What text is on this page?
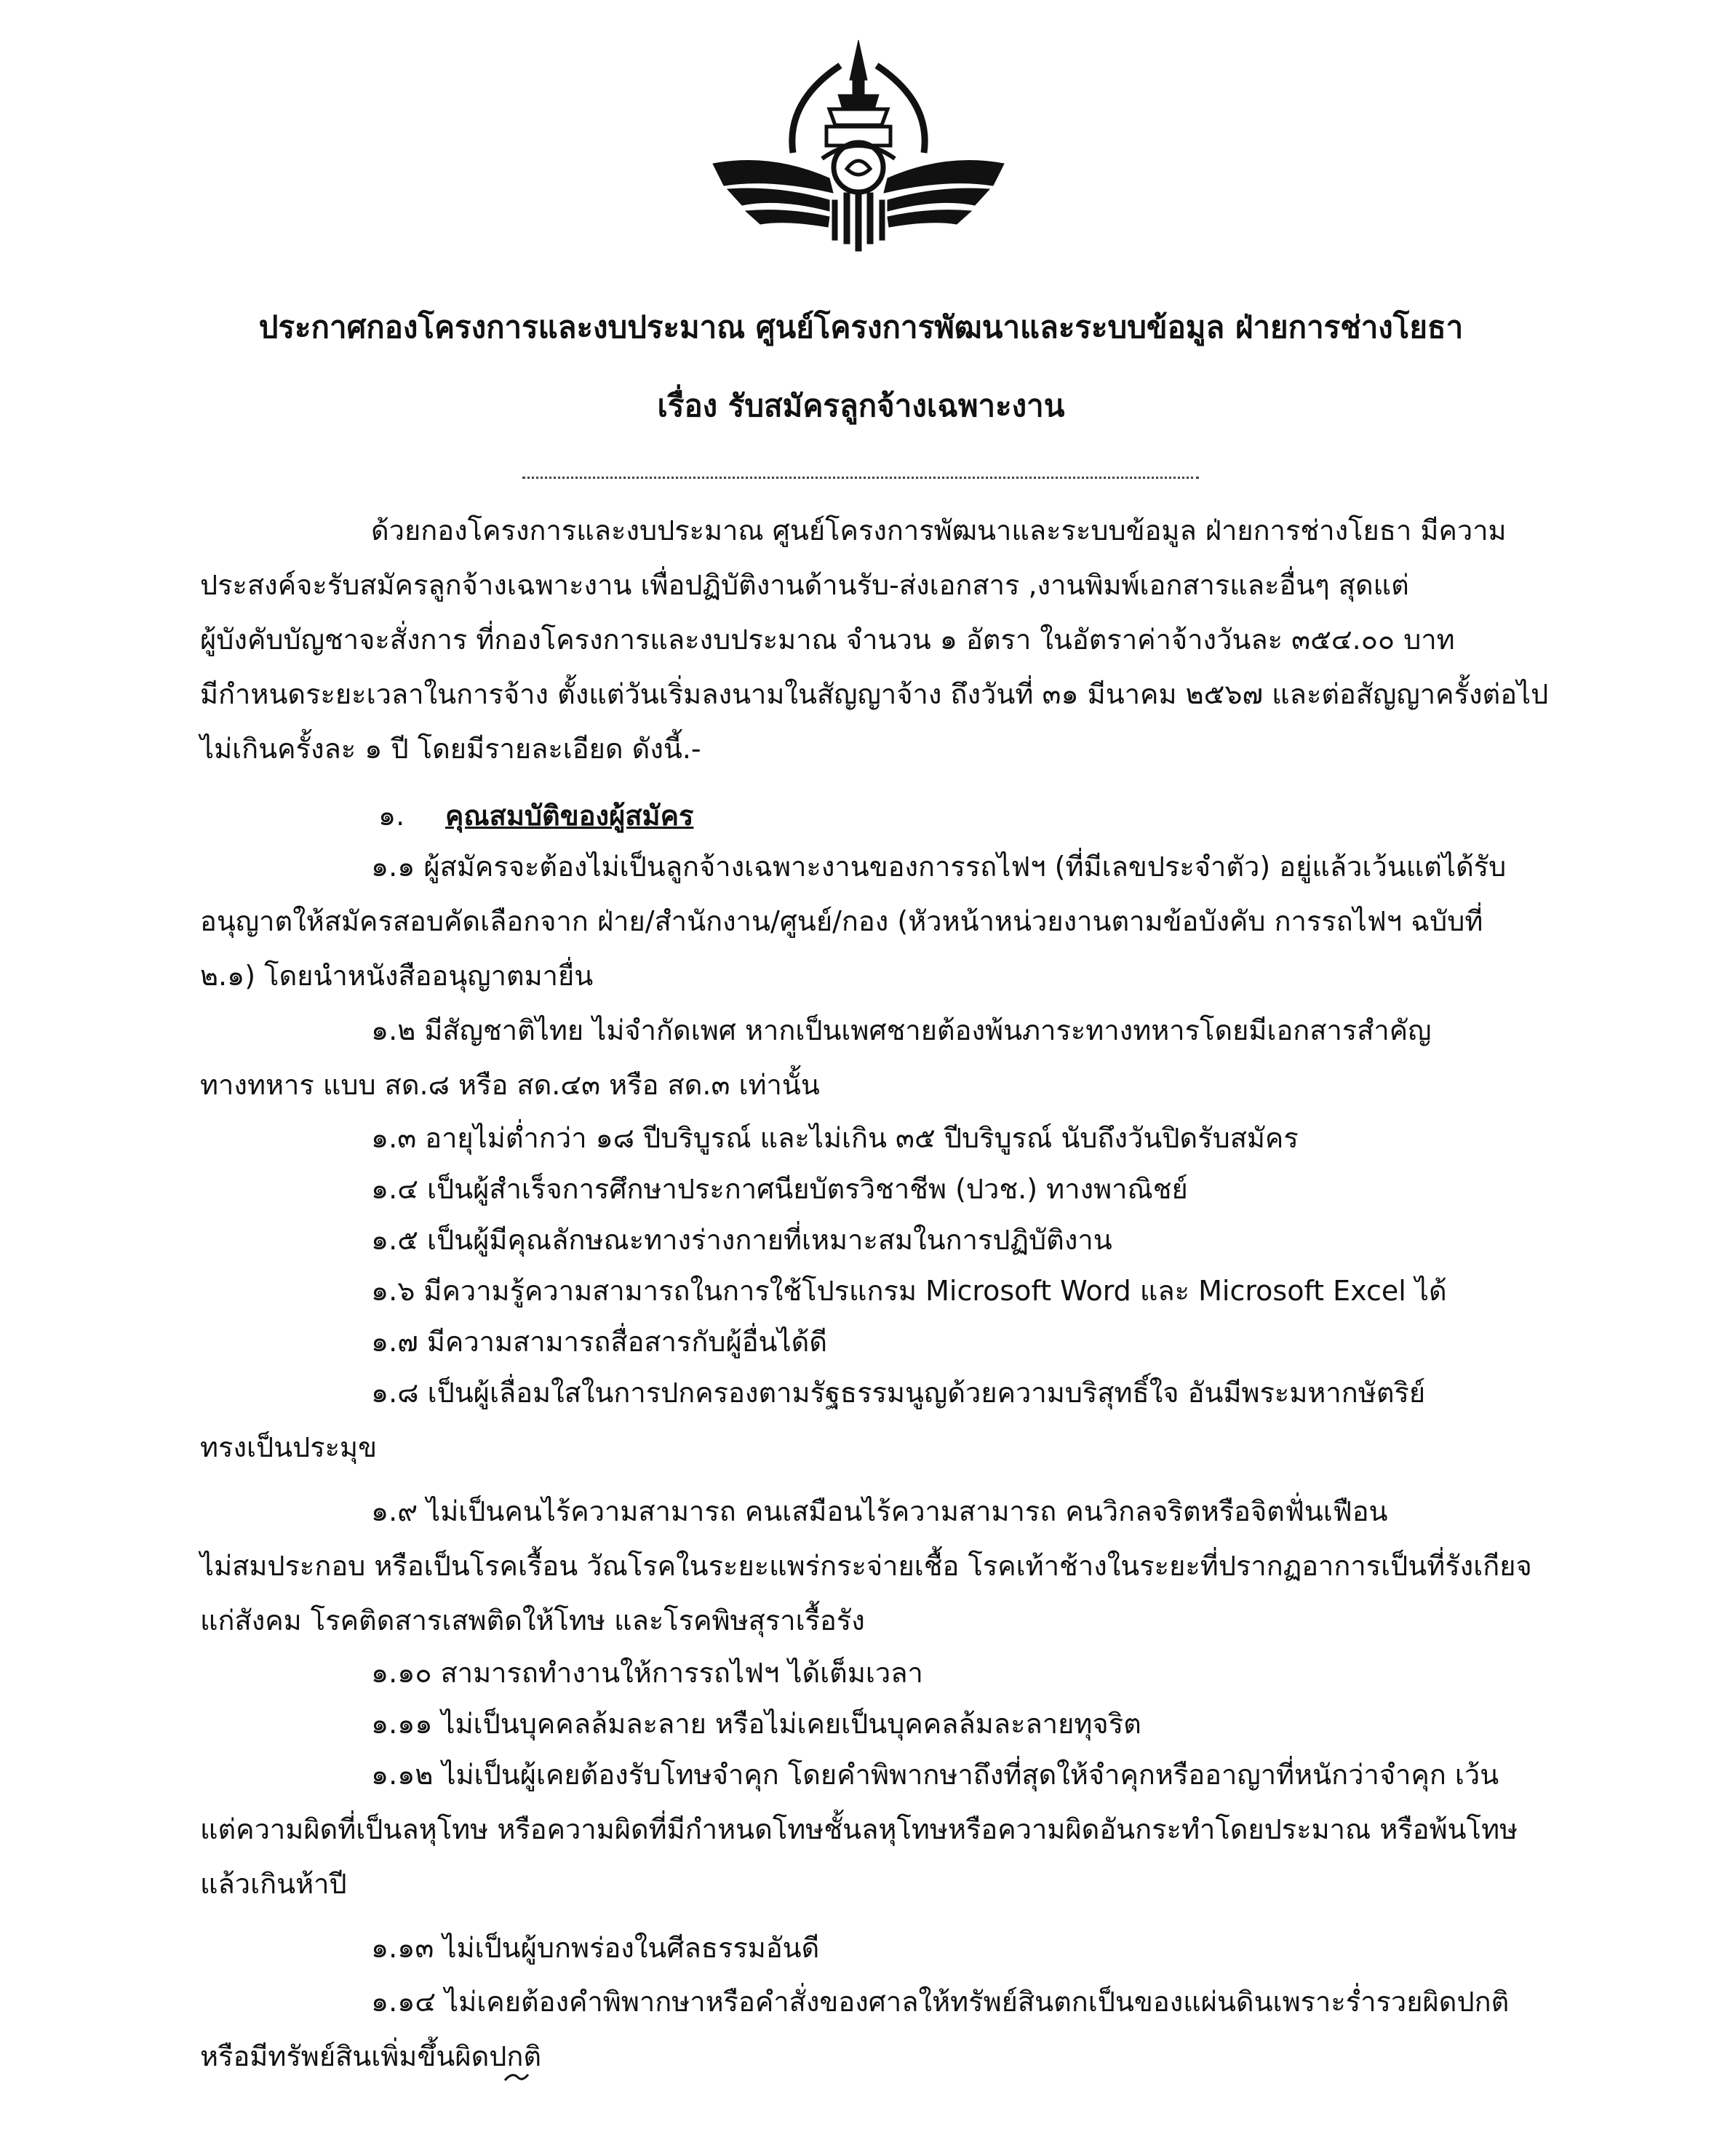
ประกาศกองโครงการและงบประมาณ ศูนย์โครงการพัฒนาและระบบข้อมูล ฝ่ายการช่างโยธา
เรื่อง รับสมัครลูกจ้างเฉพาะงาน
ด้วยกองโครงการและงบประมาณ ศูนย์โครงการพัฒนาและระบบข้อมูล ฝ่ายการช่างโยธา มีความ
ประสงค์จะรับสมัครลูกจ้างเฉพาะงาน เพื่อปฏิบัติงานด้านรับ-ส่งเอกสาร ,งานพิมพ์เอกสารและอื่นๆ สุดแต่
ผู้บังคับบัญชาจะสั่งการ ที่กองโครงการและงบประมาณ จำนวน ๑ อัตรา ในอัตราค่าจ้างวันละ ๓๕๔.๐๐ บาท
มีกำหนดระยะเวลาในการจ้าง ตั้งแต่วันเริ่มลงนามในสัญญาจ้าง ถึงวันที่ ๓๑ มีนาคม ๒๕๖๗ และต่อสัญญาครั้งต่อไป
ไม่เกินครั้งละ ๑ ปี โดยมีรายละเอียด ดังนี้.-
๑. คุณสมบัติของผู้สมัคร
๑.๑ ผู้สมัครจะต้องไม่เป็นลูกจ้างเฉพาะงานของการรถไฟฯ (ที่มีเลขประจำตัว) อยู่แล้วเว้นแต่ได้รับ
อนุญาตให้สมัครสอบคัดเลือกจาก ฝ่าย/สำนักงาน/ศูนย์/กอง (หัวหน้าหน่วยงานตามข้อบังคับ การรถไฟฯ ฉบับที่
๒.๑) โดยนำหนังสืออนุญาตมายื่น
๑.๒ มีสัญชาติไทย ไม่จำกัดเพศ หากเป็นเพศชายต้องพ้นภาระทางทหารโดยมีเอกสารสำคัญ
ทางทหาร แบบ สด.๘ หรือ สด.๔๓ หรือ สด.๓ เท่านั้น
๑.๓ อายุไม่ต่ำกว่า ๑๘ ปีบริบูรณ์ และไม่เกิน ๓๕ ปีบริบูรณ์ นับถึงวันปิดรับสมัคร
๑.๔ เป็นผู้สำเร็จการศึกษาประกาศนียบัตรวิชาชีพ (ปวช.) ทางพาณิชย์
๑.๕ เป็นผู้มีคุณลักษณะทางร่างกายที่เหมาะสมในการปฏิบัติงาน
๑.๖ มีความรู้ความสามารถในการใช้โปรแกรม Microsoft Word และ Microsoft Excel ได้
๑.๗ มีความสามารถสื่อสารกับผู้อื่นได้ดี
๑.๘ เป็นผู้เลื่อมใสในการปกครองตามรัฐธรรมนูญด้วยความบริสุทธิ์ใจ อันมีพระมหากษัตริย์
ทรงเป็นประมุข
๑.๙ ไม่เป็นคนไร้ความสามารถ คนเสมือนไร้ความสามารถ คนวิกลจริตหรือจิตฟั่นเฟือน
ไม่สมประกอบ หรือเป็นโรคเรื้อน วัณโรคในระยะแพร่กระจ่ายเชื้อ โรคเท้าช้างในระยะที่ปรากฏอาการเป็นที่รังเกียจ
แก่สังคม โรคติดสารเสพติดให้โทษ และโรคพิษสุราเรื้อรัง
๑.๑๐ สามารถทำงานให้การรถไฟฯ ได้เต็มเวลา
๑.๑๑ ไม่เป็นบุคคลล้มละลาย หรือไม่เคยเป็นบุคคลล้มละลายทุจริต
๑.๑๒ ไม่เป็นผู้เคยต้องรับโทษจำคุก โดยคำพิพากษาถึงที่สุดให้จำคุกหรืออาญาที่หนักว่าจำคุก เว้น
แต่ความผิดที่เป็นลหุโทษ หรือความผิดที่มีกำหนดโทษชั้นลหุโทษหรือความผิดอันกระทำโดยประมาณ หรือพ้นโทษ
แล้วเกินห้าปี
๑.๑๓ ไม่เป็นผู้บกพร่องในศีลธรรมอันดี
๑.๑๔ ไม่เคยต้องคำพิพากษาหรือคำสั่งของศาลให้ทรัพย์สินตกเป็นของแผ่นดินเพราะร่ำรวยผิดปกติ
หรือมีทรัพย์สินเพิ่มขึ้นผิดปกติ
